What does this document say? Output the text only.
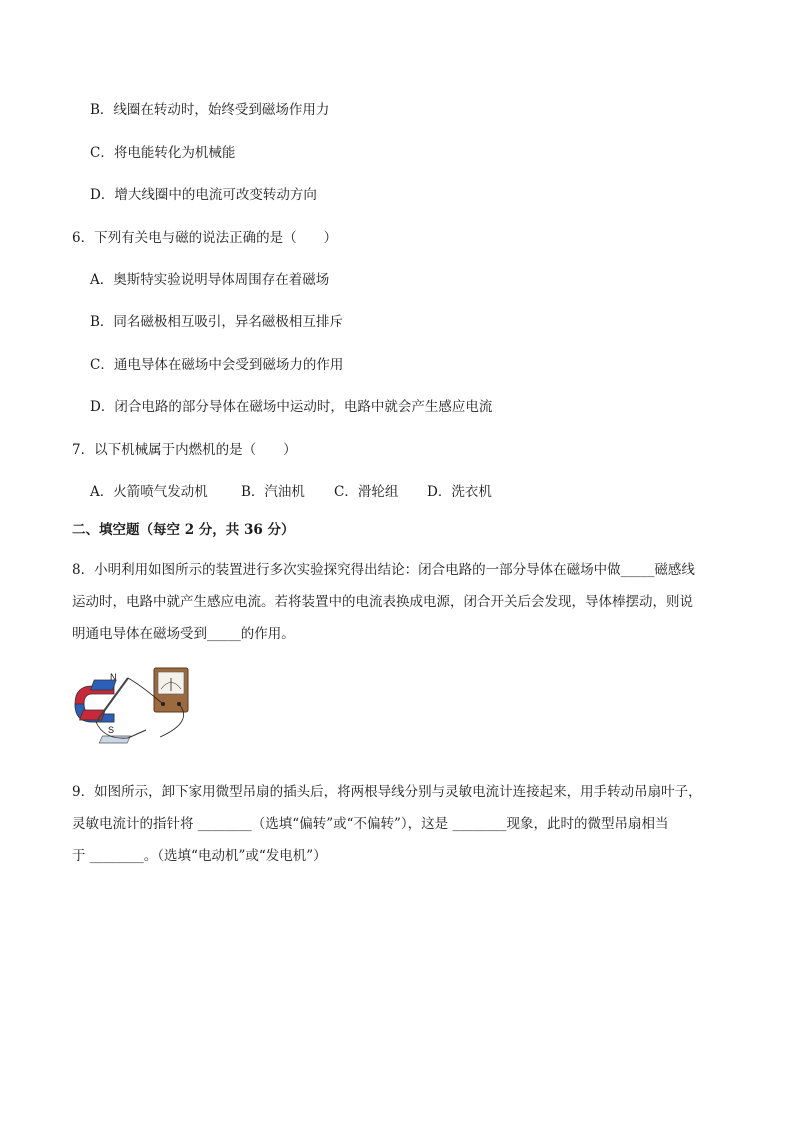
B．线圈在转动时，始终受到磁场作用力
C．将电能转化为机械能
D．增大线圈中的电流可改变转动方向
6．下列有关电与磁的说法正确的是（　　）
A．奥斯特实验说明导体周围存在着磁场
B．同名磁极相互吸引，异名磁极相互排斥
C．通电导体在磁场中会受到磁场力的作用
D．闭合电路的部分导体在磁场中运动时，电路中就会产生感应电流
7．以下机械属于内燃机的是（　　）
A．火箭喷气发动机 B．汽油机 C．滑轮组 D．洗衣机
二、填空题（每空 2 分，共 36 分）
8．小明利用如图所示的装置进行多次实验探究得出结论：闭合电路的一部分导体在磁场中做_____磁感线
运动时，电路中就产生感应电流。若将装置中的电流表换成电源，闭合开关后会发现，导体棒摆动，则说
明通电导体在磁场受到_____的作用。
N
S
9．如图所示，卸下家用微型吊扇的插头后，将两根导线分别与灵敏电流计连接起来，用手转动吊扇叶子，
灵敏电流计的指针将 ________（选填“偏转”或“不偏转”），这是 ________现象，此时的微型吊扇相当
于 ________。（选填“电动机”或“发电机”）
